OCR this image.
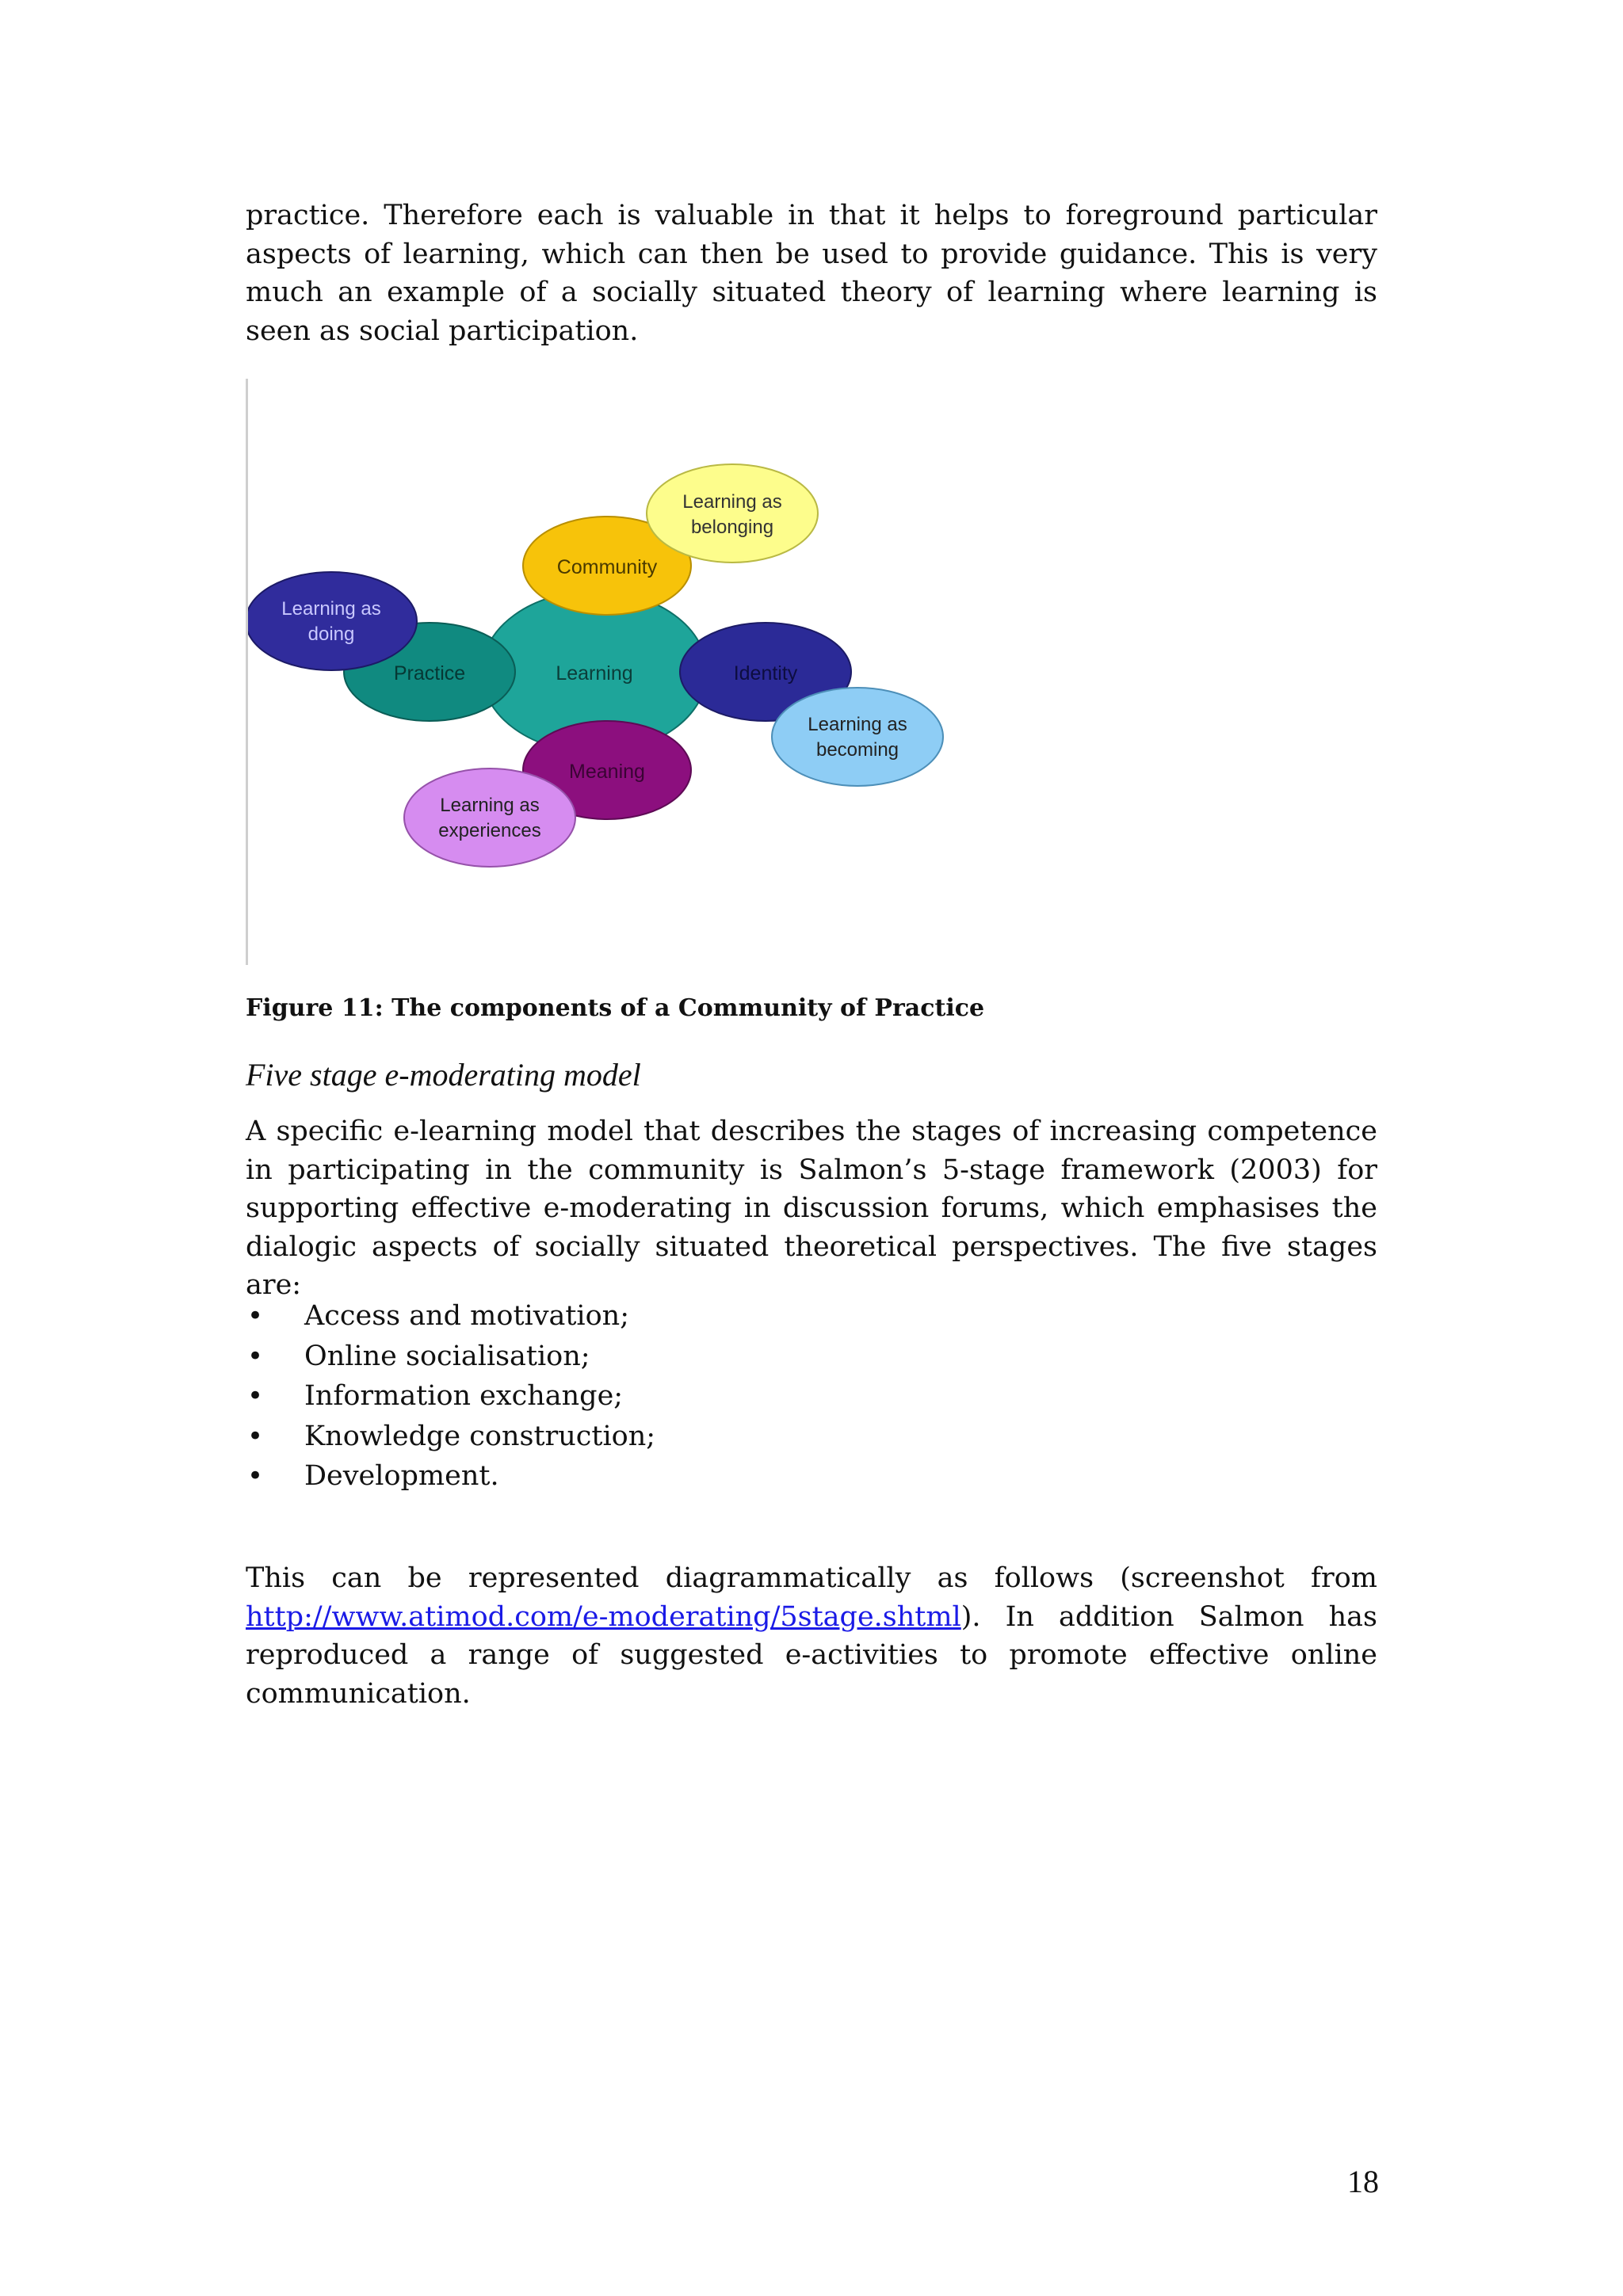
practice. Therefore each is valuable in that it helps to foreground particular aspects of learning, which can then be used to provide guidance. This is very much an example of a socially situated theory of learning where learning is seen as social participation.

Learning
Community
Practice	Identity
Meaning
Learning as
belonging
Learning as
doing
Learning as
becoming
Learning as
experiences

Figure 11: The components of a Community of Practice

Five stage e-moderating model

A specific e-learning model that describes the stages of increasing competence in participating in the community is Salmon’s 5-stage framework (2003) for supporting effective e-moderating in discussion forums, which emphasises the dialogic aspects of socially situated theoretical perspectives. The five stages are:

• Access and motivation;
• Online socialisation;
• Information exchange;
• Knowledge construction;
• Development.

This can be represented diagrammatically as follows (screenshot from http://www.atimod.com/e-moderating/5stage.shtml). In addition Salmon has reproduced a range of suggested e-activities to promote effective online communication.

18
